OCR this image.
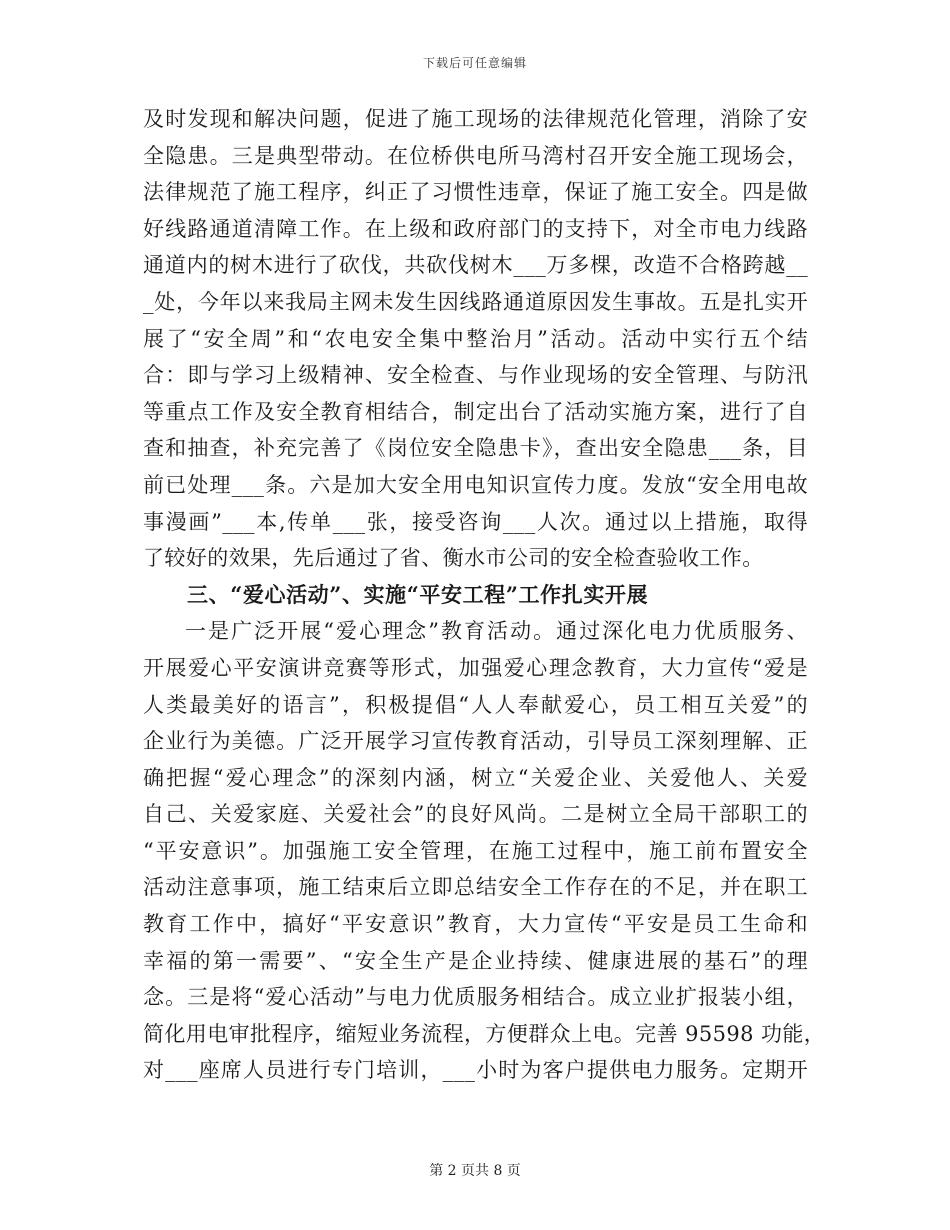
下载后可任意编辑
及时发现和解决问题，促进了施工现场的法律规范化管理，消除了安
全隐患。三是典型带动。在位桥供电所马湾村召开安全施工现场会，
法律规范了施工程序，纠正了习惯性违章，保证了施工安全。四是做
好线路通道清障工作。在上级和政府部门的支持下，对全市电力线路
通道内的树木进行了砍伐，共砍伐树木___万多棵，改造不合格跨越__
_处，今年以来我局主网未发生因线路通道原因发生事故。五是扎实开
展了“安全周”和“农电安全集中整治月”活动。活动中实行五个结
合：即与学习上级精神、安全检查、与作业现场的安全管理、与防汛
等重点工作及安全教育相结合，制定出台了活动实施方案，进行了自
查和抽查，补充完善了《岗位安全隐患卡》，查出安全隐患___条，目
前已处理___条。六是加大安全用电知识宣传力度。发放“安全用电故
事漫画”___本,传单___张，接受咨询___人次。通过以上措施，取得
了较好的效果，先后通过了省、衡水市公司的安全检查验收工作。
三、“爱心活动”、实施“平安工程”工作扎实开展
一是广泛开展“爱心理念”教育活动。通过深化电力优质服务、
开展爱心平安演讲竞赛等形式，加强爱心理念教育，大力宣传“爱是
人类最美好的语言”，积极提倡“人人奉献爱心，员工相互关爱”的
企业行为美德。广泛开展学习宣传教育活动，引导员工深刻理解、正
确把握“爱心理念”的深刻内涵，树立“关爱企业、关爱他人、关爱
自己、关爱家庭、关爱社会”的良好风尚。二是树立全局干部职工的
“平安意识”。加强施工安全管理，在施工过程中，施工前布置安全
活动注意事项，施工结束后立即总结安全工作存在的不足，并在职工
教育工作中，搞好“平安意识”教育，大力宣传“平安是员工生命和
幸福的第一需要”、“安全生产是企业持续、健康进展的基石”的理
念。三是将“爱心活动”与电力优质服务相结合。成立业扩报装小组，
简化用电审批程序，缩短业务流程，方便群众上电。完善 95598 功能，
对___座席人员进行专门培训，___小时为客户提供电力服务。定期开
第 2 页共 8 页
